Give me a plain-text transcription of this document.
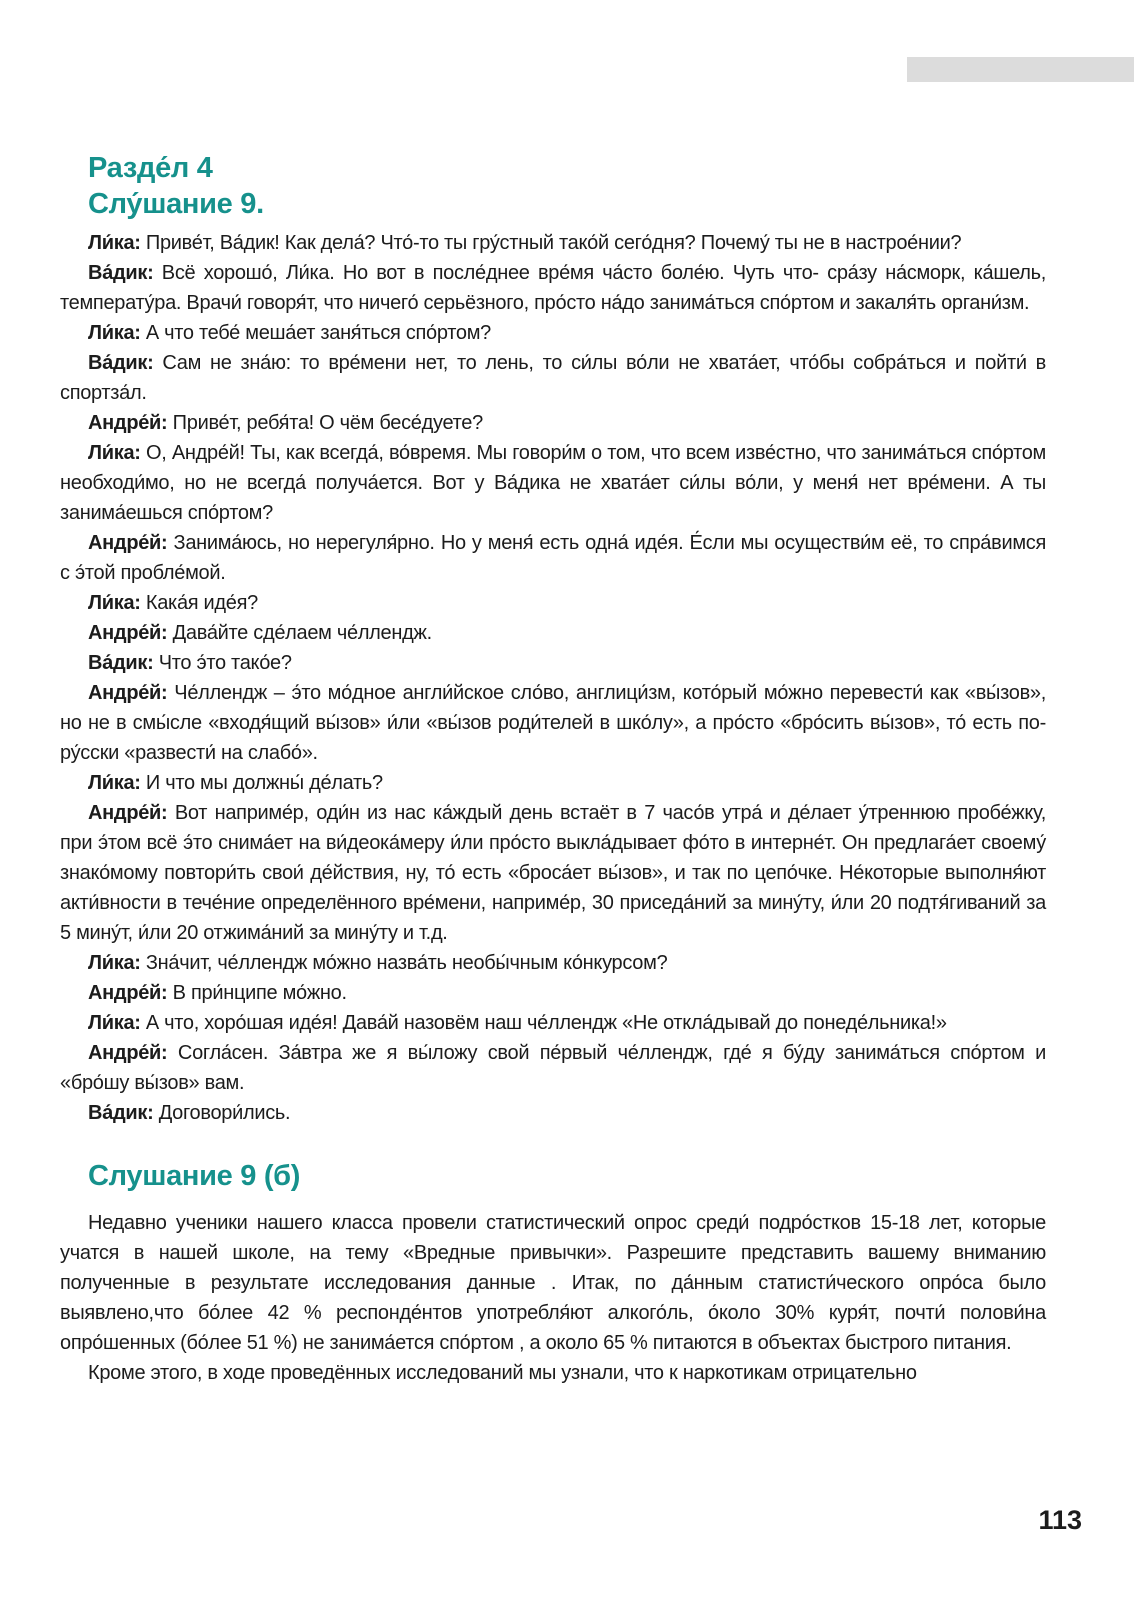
Разде́л 4
Слу́шание 9.

Ли́ка: Приве́т, Ва́дик! Как дела́? Что́-то ты гру́стный тако́й сего́дня? Почему́ ты не в настрое́нии?

Ва́дик: Всё хорошо́, Ли́ка. Но вот в после́днее вре́мя ча́сто боле́ю. Чуть что- сра́зу на́сморк, ка́шель, температу́ра. Врачи́ говоря́т, что ничего́ серьёзного, про́сто на́до занима́ться спо́ртом и закаля́ть органи́зм.

Ли́ка: А что тебе́ меша́ет заня́ться спо́ртом?

Ва́дик: Сам не зна́ю: то вре́мени нет, то лень, то си́лы во́ли не хвата́ет, что́бы собра́ться и пойти́ в спортза́л.

Андре́й: Приве́т, ребя́та! О чём бесе́дуете?

Ли́ка: О, Андре́й! Ты, как всегда́, во́время. Мы говори́м о том, что всем изве́стно, что занима́ться спо́ртом необходи́мо, но не всегда́ получа́ется. Вот у Ва́дика не хвата́ет си́лы во́ли, у меня́ нет вре́мени. А ты занима́ешься спо́ртом?

Андре́й: Занима́юсь, но нерегуля́рно. Но у меня́ есть одна́ иде́я. Е́сли мы осуществи́м её, то спра́вимся с э́той пробле́мой.

Ли́ка: Кака́я иде́я?

Андре́й: Дава́йте сде́лаем че́ллендж.

Ва́дик: Что э́то тако́е?

Андре́й: Че́ллендж – э́то мо́дное англи́йское сло́во, англици́зм, кото́рый мо́жно перевести́ как «вы́зов», но не в смы́сле «входя́щий вы́зов» и́ли «вы́зов роди́телей в шко́лу», а про́сто «бро́сить вы́зов», то́ есть по-ру́сски «развести́ на слабо́».

Ли́ка: И что мы должны́ де́лать?

Андре́й: Вот наприме́р, оди́н из нас ка́ждый день встаёт в 7 часо́в утра́ и де́лает у́треннюю пробе́жку, при э́том всё э́то снима́ет на ви́деока́меру и́ли про́сто выкла́дывает фо́то в интерне́т. Он предлага́ет своему́ знако́мому повтори́ть свои́ де́йствия, ну, то́ есть «броса́ет вы́зов», и так по цепо́чке. Не́которые выполня́ют акти́вности в тече́ние определённого вре́мени, наприме́р, 30 приседа́ний за мину́ту, и́ли 20 подтя́гиваний за 5 мину́т, и́ли 20 отжима́ний за мину́ту и т.д.

Ли́ка: Зна́чит, че́ллендж мо́жно назва́ть необы́чным ко́нкурсом?

Андре́й: В при́нципе мо́жно.

Ли́ка: А что, хоро́шая иде́я! Дава́й назовём наш че́ллендж «Не откла́дывай до понеде́льника!»

Андре́й: Согла́сен. За́втра же я вы́ложу свой пе́рвый че́ллендж, где́ я бу́ду занима́ться спо́ртом и «бро́шу вы́зов» вам.

Ва́дик: Договори́лись.

Слушание 9 (б)

Недавно ученики нашего класса провели статистический опрос среди́ подро́стков 15-18 лет, которые учатся в нашей школе, на тему «Вредные привычки». Разрешите представить вашему вниманию полученные в результате исследования данные . Итак, по да́нным статисти́ческого опро́са было выявлено,что бо́лее 42 % респонде́нтов употребля́ют алкого́ль, о́коло 30% куря́т, почти́ полови́на опро́шенных (бо́лее 51 %) не занима́ется спо́ртом , а около 65 % питаются в объектах быстрого питания.

Кроме этого, в ходе проведённых исследований мы узнали, что к наркотикам отрицательно

113
